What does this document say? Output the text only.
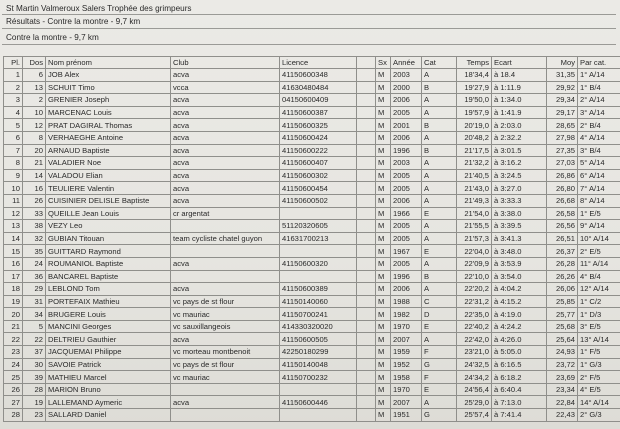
St Martin Valmeroux Salers Trophée des grimpeurs
Résultats - Contre la montre - 9,7 km
Contre la montre - 9,7 km
Pl.	Dos	Nom prénom	Club	Licence		Sx	Année	Cat	Temps	Ecart	Moy	Par cat.
1	6	JOB Alex	acva	41150600348		M	2003	A	18'34,4	à 18.4	31,35	1° A/14
2	13	SCHUIT Timo	vcca	41630480484		M	2000	B	19'27,9	à 1:11.9	29,92	1° B/4
3	2	GRENIER Joseph	acva	04150600409		M	2006	A	19'50,0	à 1:34.0	29,34	2° A/14
4	10	MARCENAC Louis	acva	41150600387		M	2005	A	19'57,9	à 1:41.9	29,17	3° A/14
5	12	PRAT DAGIRAL Thomas	acva	41150600325		M	2001	B	20'19,0	à 2:03.0	28,65	2° B/4
6	8	VERHAEGHE Antoine	acva	41150600424		M	2006	A	20'48,2	à 2:32.2	27,98	4° A/14
7	20	ARNAUD Baptiste	acva	41150600222		M	1996	B	21'17,5	à 3:01.5	27,35	3° B/4
8	21	VALADIER Noe	acva	41150600407		M	2003	A	21'32,2	à 3:16.2	27,03	5° A/14
9	14	VALADOU Elian	acva	41150600302		M	2005	A	21'40,5	à 3:24.5	26,86	6° A/14
10	16	TEULIERE Valentin	acva	41150600454		M	2005	A	21'43,0	à 3:27.0	26,80	7° A/14
11	26	CUISINIER DELISLE Baptiste	acva	41150600502		M	2006	A	21'49,3	à 3:33.3	26,68	8° A/14
12	33	QUEILLE Jean Louis	cr argentat			M	1966	E	21'54,0	à 3:38.0	26,58	1° E/5
13	38	VEZY Leo		51120320605		M	2005	A	21'55,5	à 3:39.5	26,56	9° A/14
14	32	GUBIAN Titouan	team cycliste chatel guyon	41631700213		M	2005	A	21'57,3	à 3:41.3	26,51	10° A/14
15	35	GUITTARD Raymond				M	1967	E	22'04,0	à 3:48.0	26,37	2° E/5
16	24	ROUMANIOL Baptiste	acva	41150600320		M	2005	A	22'09,9	à 3:53.9	26,28	11° A/14
17	36	BANCAREL Baptiste				M	1996	B	22'10,0	à 3:54.0	26,26	4° B/4
18	29	LEBLOND Tom	acva	41150600389		M	2006	A	22'20,2	à 4:04.2	26,06	12° A/14
19	31	PORTEFAIX Mathieu	vc pays de st flour	41150140060		M	1988	C	22'31,2	à 4:15.2	25,85	1° C/2
20	34	BRUGERE Louis	vc mauriac	41150700241		M	1982	D	22'35,0	à 4:19.0	25,77	1° D/3
21	5	MANCINI Georges	vc sauxillangeois	414330320020		M	1970	E	22'40,2	à 4:24.2	25,68	3° E/5
22	22	DELTRIEU Gauthier	acva	41150600505		M	2007	A	22'42,0	à 4:26.0	25,64	13° A/14
23	37	JACQUEMAI Philippe	vc morteau montbenoit	42250180299		M	1959	F	23'21,0	à 5:05.0	24,93	1° F/5
24	30	SAVOIE Patrick	vc pays de st flour	41150140048		M	1952	G	24'32,5	à 6:16.5	23,72	1° G/3
25	39	MATHIEU Marcel	vc mauriac	41150700232		M	1958	F	24'34,2	à 6:18.2	23,69	2° F/5
26	28	MARION Bruno				M	1970	E	24'56,4	à 6:40.4	23,34	4° E/5
27	19	LALLEMAND Aymeric	acva	41150600446		M	2007	A	25'29,0	à 7:13.0	22,84	14° A/14
28	23	SALLARD Daniel				M	1951	G	25'57,4	à 7:41.4	22,43	2° G/3
